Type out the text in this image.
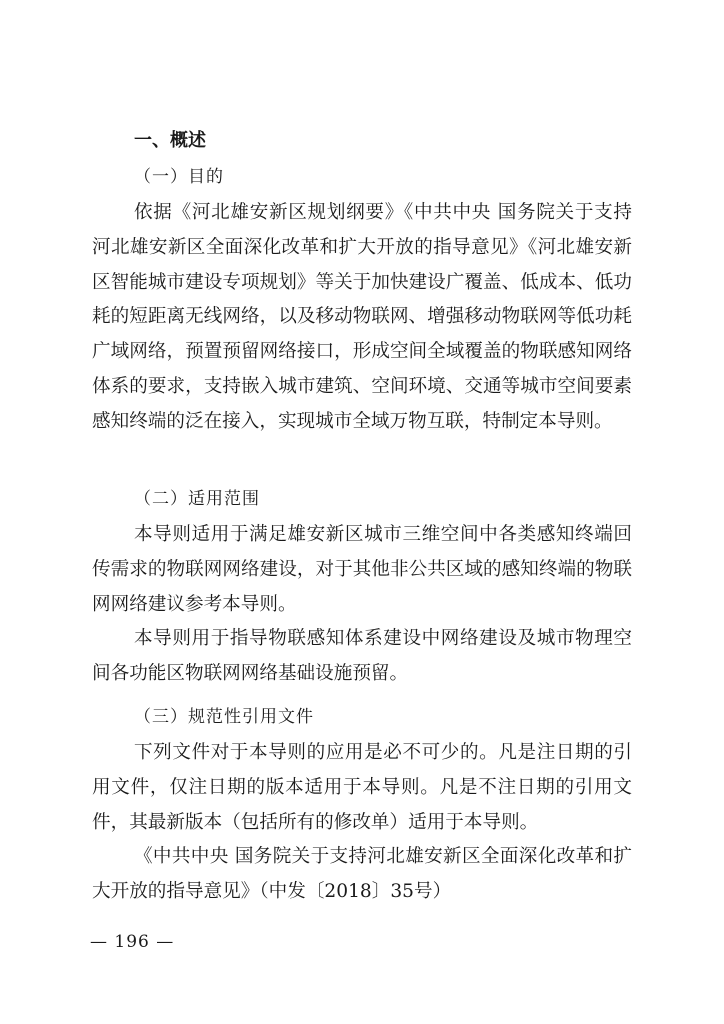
一、概述
（一）目的

依据《河北雄安新区规划纲要》《中共中央 国务院关于支持河北雄安新区全面深化改革和扩大开放的指导意见》《河北雄安新区智能城市建设专项规划》等关于加快建设广覆盖、低成本、低功耗的短距离无线网络，以及移动物联网、增强移动物联网等低功耗广域网络，预置预留网络接口，形成空间全域覆盖的物联感知网络体系的要求，支持嵌入城市建筑、空间环境、交通等城市空间要素感知终端的泛在接入，实现城市全域万物互联，特制定本导则。

（二）适用范围

本导则适用于满足雄安新区城市三维空间中各类感知终端回传需求的物联网网络建设，对于其他非公共区域的感知终端的物联网网络建议参考本导则。

本导则用于指导物联感知体系建设中网络建设及城市物理空间各功能区物联网网络基础设施预留。

（三）规范性引用文件

下列文件对于本导则的应用是必不可少的。凡是注日期的引用文件，仅注日期的版本适用于本导则。凡是不注日期的引用文件，其最新版本（包括所有的修改单）适用于本导则。

《中共中央 国务院关于支持河北雄安新区全面深化改革和扩大开放的指导意见》（中发〔2018〕35号）

— 196 —
